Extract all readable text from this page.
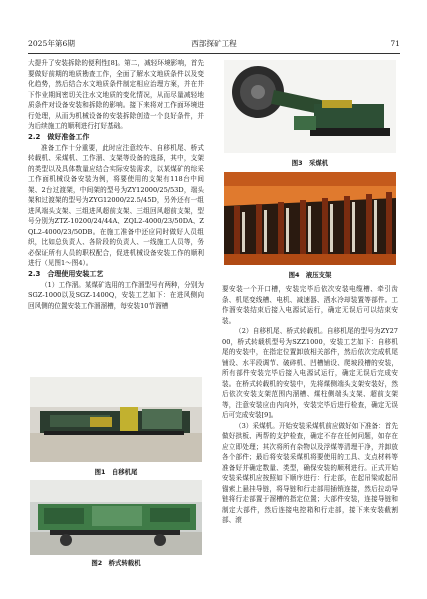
2025年第6期	西部探矿工程	71

大提升了安装拆除的便利性[8]。第二，减轻环境影响，首先要做好前期的地质勘查工作，全面了解水文地质条件以及变化趋势，然后结合水文地质条件制定相应治理方案，并在井下作业期间密切关注水文地质的变化情况，从而尽量减轻地质条件对设备安装和拆除的影响。接下来将对工作面环境进行处理，从而为机械设备的安装拆除创造一个良好条件，并为后续施工的顺利进行打好基础。

2.2　做好准备工作

准备工作十分重要，此时应注意绞车、自移机尾、桥式转载机、采煤机、工作溜、支架等设备的选择，其中，支架的类型以及具体数量应结合实际安装需求，以某煤矿的综采工作面机械设备安装为例，将要使用的支架有118台中间架、2台过渡架，中间架的型号为ZY12000/25/53D，端头架和过渡架的型号为ZYG12000/22.5/45D，另外还有一组进风端头支架、三组进风超前支架、三组回风超前支架，型号分别为ZTZ-10200/24/44A、ZQL2-4000/23/50DA、ZQL2-4000/23/50DB。在施工准备中还应同时做好人员组织，比如总负责人、各阶段的负责人、一线施工人员等，务必保证所有人员的职权配合，促进机械设备安装工作的顺利进行（见图1～图4）。

2.3　合理使用安装工艺

（1）工作溜。某煤矿选用的工作溜型号有两种，分别为SGZ-1000以及SGZ-1400Q，安装工艺如下：在进风侧向回风侧的位置安装工作溜溜槽，每安装10节溜槽

图1　自移机尾
图2　桥式转载机
图3　采煤机
图4　液压支架

要安装一个开口槽，安装完毕后依次安装电缆槽、牵引齿条、机尾变线槽、电机、减速器、洒水冷却装置等部件。工作溜安装结束后接入电源试运行，确定无误后可以结束安装。

（2）自移机尾、桥式转载机。自移机尾的型号为ZY2700，桥式转载机型号为SZZ1000，安装工艺如下：自移机尾的安装中，在指定位置卸放相关部件，然后依次完成机尾铺设、水平段调节、破碎机、凹槽铺设、爬坡段槽的安装，所有部件安装完毕后接入电源试运行，确定无误后完成安装。在桥式转载机的安装中，先将煤侧端头支架安装好，然后依次安装支架范围内溜槽、煤柱侧端头支架、超前支架等，注意安装应由内向外，安装完毕后进行检查，确定无误后可完成安装[9]。

（3）采煤机。开始安装采煤机前应做好如下准备：首先做好拱板、两帮的支护检查，确定不存在任何问题，如存在应立即处理；其次将所有杂物以及浮煤等清理干净，并卸放各个部件；最后将安装采煤机将要使用的工具、支点材料等准备好并确定数量、类型，确保安装的顺利进行。正式开始安装采煤机应按照如下顺序进行：行走部，在起吊梁或起吊锚索上悬挂导链，将导链和行走部用插销连接，然后拉动导链将行走部置于溜槽的指定位置；大部件安装，连接导链和制定大部件，然后连接电控箱和行走部，接下来安装截割部、滚
